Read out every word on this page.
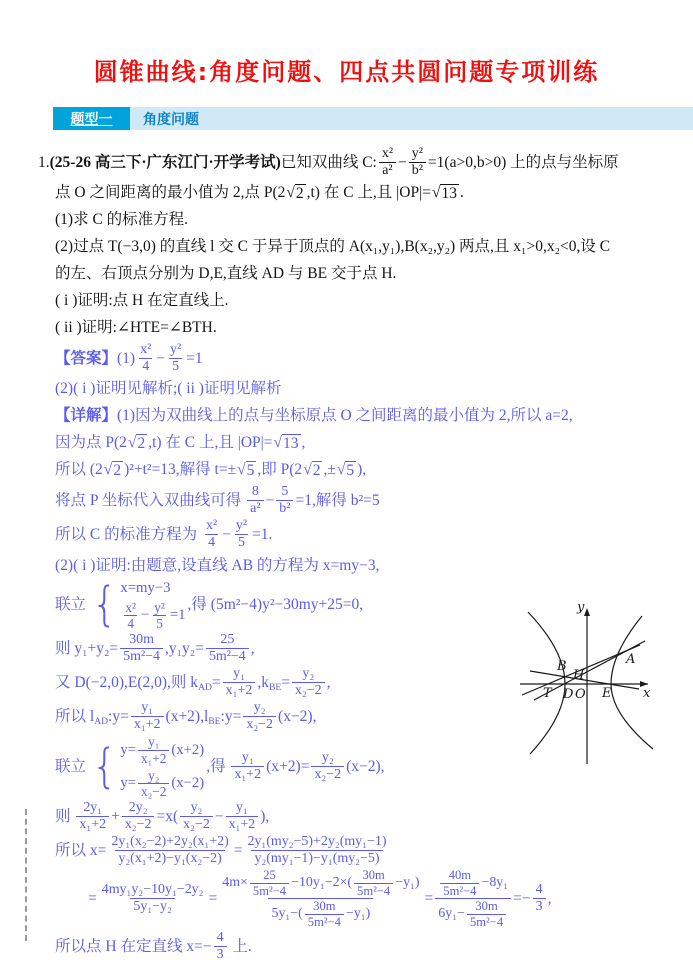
圆锥曲线:角度问题、四点共圆问题专项训练
题型一	角度问题
1. (25-26 高三下·广东江门·开学考试) 已知双曲线 C: $\frac{\text{x²}}{\text{a²}} - \frac{\text{y²}}{\text{b²}} =1(a>0,b>0)$ 上的点与坐标原
点 O 之间距离的最小值为 2,点 P(2 √ 2 ,t) 在 C 上,且 |OP|= √ 13 .
(1)求 C 的标准方程.
(2)过点 T(−3,0) 的直线 l 交 C 于异于顶点的 A(x₁,y₁),B(x₂,y₂) 两点,且 x₁>0,x₂<0,设 C
的左、右顶点分别为 D,E,直线 AD 与 BE 交于点 H.
( i )证明:点 H 在定直线上.
( ii )证明:∠HTE=∠BTH.
【答案】 $(1) \frac{\text{x²}}{4} - \frac{\text{y²}}{5} =1$
(2)( i )证明见解析;( ii )证明见解析
【详解】 (1)因为双曲线上的点与坐标原点 O 之间距离的最小值为 2,所以 a=2,
因为点 P(2 √ 2 ,t) 在 C 上,且 |OP|= √ 13 ,
所以 (2 √ 2 )²+t²=13,解得 t=± √ 5 ,即 P(2 √ 2 ,± √ 5 ),
将点 P 坐标代入双曲线可得 $\frac{8}{\text{a²}} - \frac{5}{\text{b²}} =1$,解得 b²=5
所以 C 的标准方程为 $\frac{\text{x²}}{4} - \frac{\text{y²}}{5} =1$.
(2)( i )证明:由题意,设直线 AB 的方程为 x=my−3,
联立 { x=my−3
$\frac{\text{x²}}{4} - \frac{\text{y²}}{5} =1$
,得 (5m²−4)y²−30my+25=0,
则 $y_1+y_2= \frac{30m}{\text{5m²−4}} ,y_1y_2= \frac{25}{\text{5m²−4}}$ ,
又 D(−2,0),E(2,0),则 k AD = $\frac{\text{y₁}}{\text{x₁+2}} ,k$ BE = $\frac{\text{y₂}}{\text{x₂−2}}$ ,
所以 l AD :y= $\frac{\text{y₁}}{\text{x₁+2}} (x+2),l$ BE :y= $\frac{\text{y₂}}{\text{x₂−2}} (x-2)$,
联立 { $y= \frac{\text{y₁}}{\text{x₁+2}} (x+2)$
$y= \frac{\text{y₂}}{\text{x₂−2}} (x-2)$
,得 $\frac{\text{y₁}}{\text{x₁+2}} (x+2)= \frac{\text{y₂}}{\text{x₂−2}} (x-2)$,
则 $\frac{\text{2y₁}}{\text{x₁+2}} + \frac{\text{2y₂}}{\text{x₂−2}} =x( \frac{\text{y₂}}{\text{x₂−2}} - \frac{\text{y₁}}{\text{x₁+2}}$ ),
所以 $x= \frac{\text{2y₁(x₂−2)+2y₂(x₁+2)}}{\text{y₂(x₁+2)−y₁(x₂−2)}} = \frac{\text{2y₁(my₂−5)+2y₂(my₁−1)}}{\text{y₂(my₁−1)−y₁(my₂−5)}}$
= $\frac{\text{4my₁y₂−10y₁−2y₂}}{\text{5y₁−y₂}} = \frac{4m\times \frac{25}{\text{5m²−4}} -10y_1-2\times( \frac{30m}{\text{5m²−4}} -y_1)}{5y_1-( \frac{30m}{\text{5m²−4}} -y_1)} = \frac{\frac{40m}{\text{5m²−4}} -8y_1}{6y_1- \frac{30m}{\text{5m²−4}}} =- \frac{4}{3}$ ,
所以点 H 在定直线 $x=- \frac{4}{3}$ 上.
y
x
A
B
H
T D O E
